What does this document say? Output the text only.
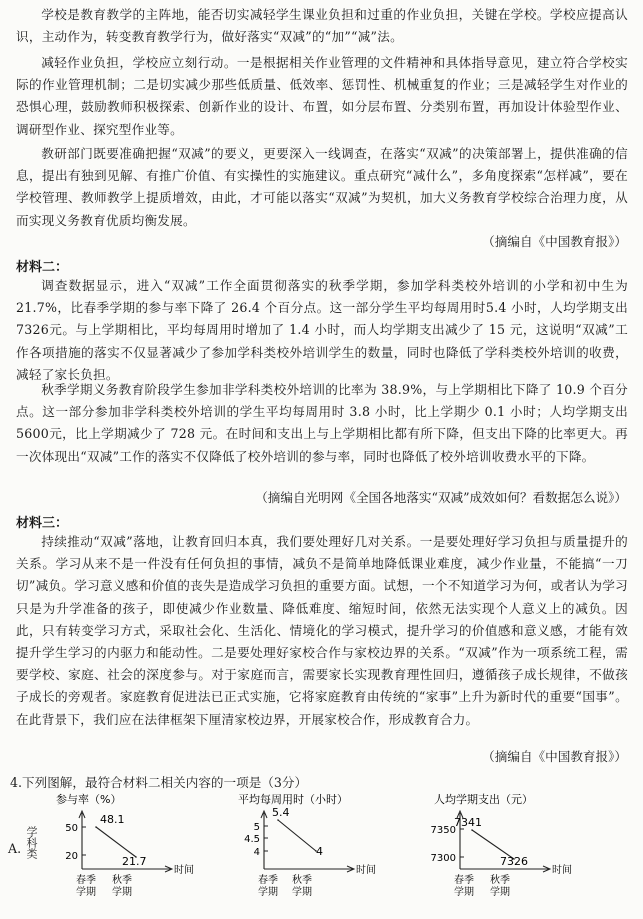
学校是教育教学的主阵地，能否切实减轻学生课业负担和过重的作业负担，关键在学校。学校应提高认识，主动作为，转变教育教学行为，做好落实“双减”的“加”“减”法。

减轻作业负担，学校应立刻行动。一是根据相关作业管理的文件精神和具体指导意见，建立符合学校实际的作业管理机制；二是切实减少那些低质量、低效率、惩罚性、机械重复的作业；三是减轻学生对作业的恐惧心理，鼓励教师积极探索、创新作业的设计、布置，如分层布置、分类别布置，再加设计体验型作业、调研型作业、探究型作业等。

教研部门既要准确把握“双减”的要义，更要深入一线调查，在落实“双减”的决策部署上，提供准确的信息，提出有独到见解、有推广价值、有实操性的实施建议。重点研究“减什么”，多角度探索“怎样减”，要在学校管理、教师教学上提质增效，由此，才可能以落实“双减”为契机，加大义务教育学校综合治理力度，从而实现义务教育优质均衡发展。

（摘编自《中国教育报》）

材料二：

调查数据显示，进入“双减”工作全面贯彻落实的秋季学期，参加学科类校外培训的小学和初中生为21.7%，比春季学期的参与率下降了 26.4 个百分点。这一部分学生平均每周用时5.4 小时，人均学期支出7326元。与上学期相比，平均每周用时增加了 1.4 小时，而人均学期支出减少了 15 元，这说明“双减”工作各项措施的落实不仅显著减少了参加学科类校外培训学生的数量，同时也降低了学科类校外培训的收费，减轻了家长负担。

秋季学期义务教育阶段学生参加非学科类校外培训的比率为 38.9%，与上学期相比下降了 10.9 个百分点。这一部分参加非学科类校外培训的学生平均每周用时 3.8 小时，比上学期少 0.1 小时；人均学期支出5600元，比上学期减少了 728 元。在时间和支出上与上学期相比都有所下降，但支出下降的比率更大。再一次体现出“双减”工作的落实不仅降低了校外培训的参与率，同时也降低了校外培训收费水平的下降。

（摘编自光明网《全国各地落实“双减”成效如何？看数据怎么说》）

材料三：

持续推动“双减”落地，让教育回归本真，我们要处理好几对关系。一是要处理好学习负担与质量提升的关系。学习从来不是一件没有任何负担的事情，减负不是简单地降低课业难度，减少作业量，不能搞“一刀切”减负。学习意义感和价值的丧失是造成学习负担的重要方面。试想，一个不知道学习为何，或者认为学习只是为升学准备的孩子，即使减少作业数量、降低难度、缩短时间，依然无法实现个人意义上的减负。因此，只有转变学习方式，采取社会化、生活化、情境化的学习模式，提升学习的价值感和意义感，才能有效提升学生学习的内驱力和能动性。二是要处理好家校合作与家校边界的关系。“双减”作为一项系统工程，需要学校、家庭、社会的深度参与。对于家庭而言，需要家长实现教育理性回归，遵循孩子成长规律，不做孩子成长的旁观者。家庭教育促进法已正式实施，它将家庭教育由传统的“家事”上升为新时代的重要“国事”。在此背景下，我们应在法律框架下厘清家校边界，开展家校合作，形成教育合力。

（摘编自《中国教育报》）

4.下列图解，最符合材料二相关内容的一项是（3分）

参与率（%）
时间
20
50
48.1
21.7
春季
学期
秋季
学期
平均每周用时（小时）
时间
4
4.5
5
5.4
4
春季
学期
秋季
学期
人均学期支出（元）
时间
7300
7350
7341
7326
春季
学期
秋季
学期
A. 学科类
